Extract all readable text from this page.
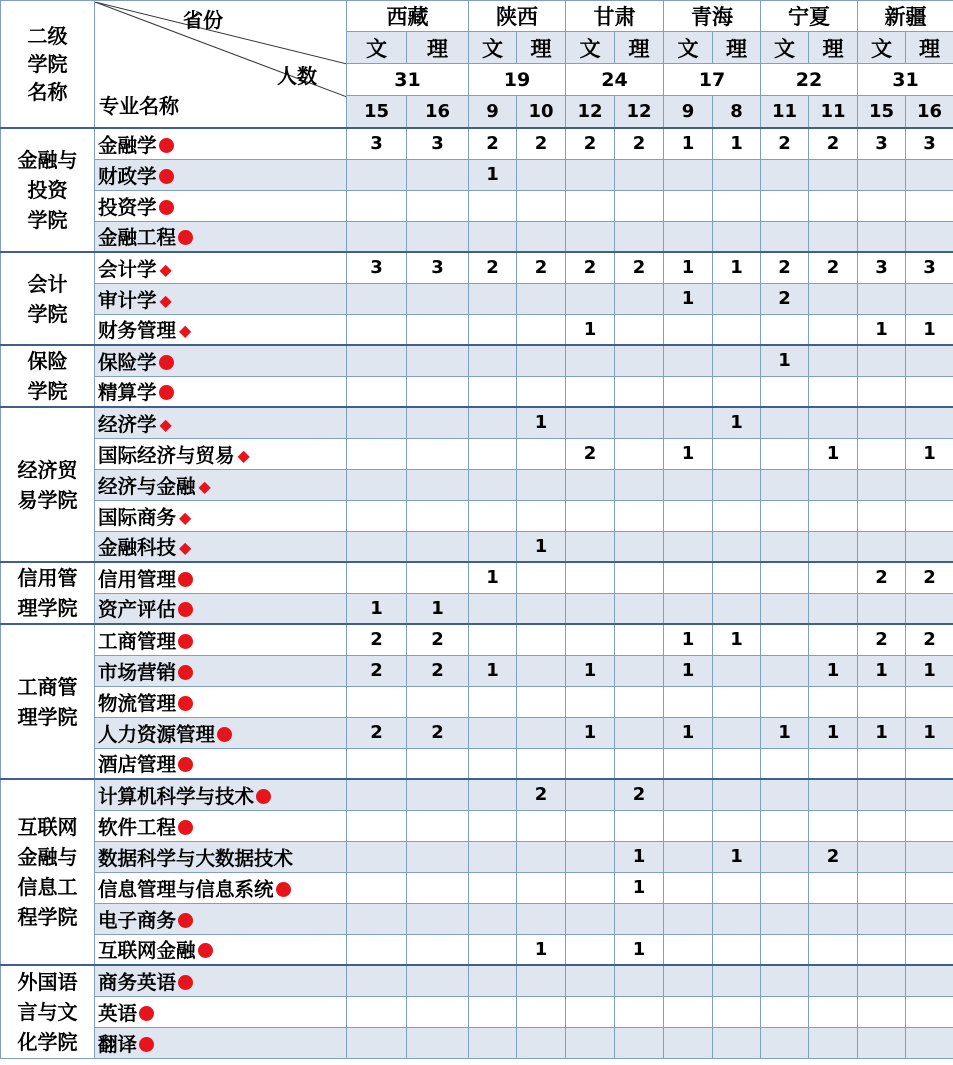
二级
学院
名称	省份
人数
专业名称	西藏		陕西		甘肃		青海		宁夏		新疆	
		文	理	文	理	文	理	文	理	文	理	文	理
		31		19		24		17		22		31	
		15	16	9	10	12	12	9	8	11	11	15	16
金融与
投资
学院	金融学	3	3	2	2	2	2	1	1	2	2	3	3
	财政学			1									
	投资学												
	金融工程												
会计
学院	会计学 ◆	3	3	2	2	2	2	1	1	2	2	3	3
	审计学 ◆							1		2			
	财务管理 ◆					1						1	1
保险
学院	保险学									1			
	精算学												
经济贸
易学院	经济学 ◆				1				1				
	国际经济与贸易 ◆					2		1			1		1
	经济与金融 ◆												
	国际商务 ◆												
	金融科技 ◆				1								
信用管
理学院	信用管理			1								2	2
	资产评估	1	1										
工商管
理学院	工商管理	2	2					1	1			2	2
	市场营销	2	2	1		1		1			1	1	1
	物流管理												
	人力资源管理	2	2			1		1		1	1	1	1
	酒店管理												
互联网
金融与
信息工
程学院	计算机科学与技术				2		2						
	软件工程												
	数据科学与大数据技术						1		1		2		
	信息管理与信息系统						1						
	电子商务												
	互联网金融				1		1						
外国语
言与文
化学院	商务英语												
	英语												
	翻译												
